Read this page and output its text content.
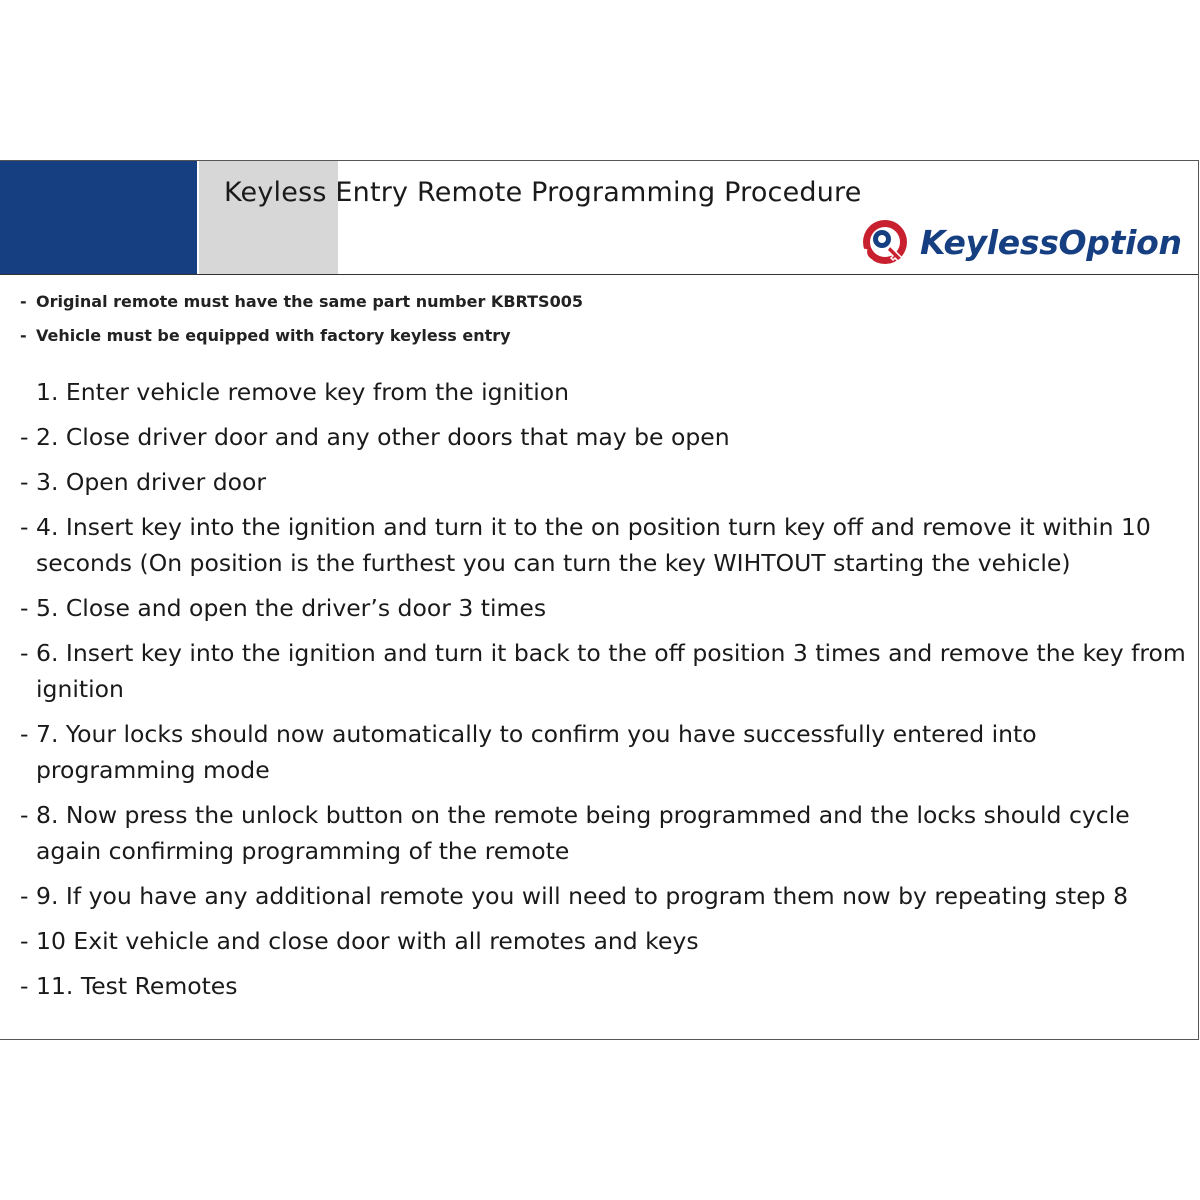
Keyless Entry Remote Programming Procedure
KeylessOption
- Original remote must have the same part number KBRTS005
- Vehicle must be equipped with factory keyless entry
1. Enter vehicle remove key from the ignition
- 2. Close driver door and any other doors that may be open
- 3. Open driver door
- 4. Insert key into the ignition and turn it to the on position turn key off and remove it within 10 seconds (On position is the furthest you can turn the key WIHTOUT starting the vehicle)
- 5. Close and open the driver’s door 3 times
- 6. Insert key into the ignition and turn it back to the off position 3 times and remove the key from ignition
- 7. Your locks should now automatically to confirm you have successfully entered into programming mode
- 8. Now press the unlock button on the remote being programmed and the locks should cycle again confirming programming of the remote
- 9. If you have any additional remote you will need to program them now by repeating step 8
- 10 Exit vehicle and close door with all remotes and keys
- 11. Test Remotes
